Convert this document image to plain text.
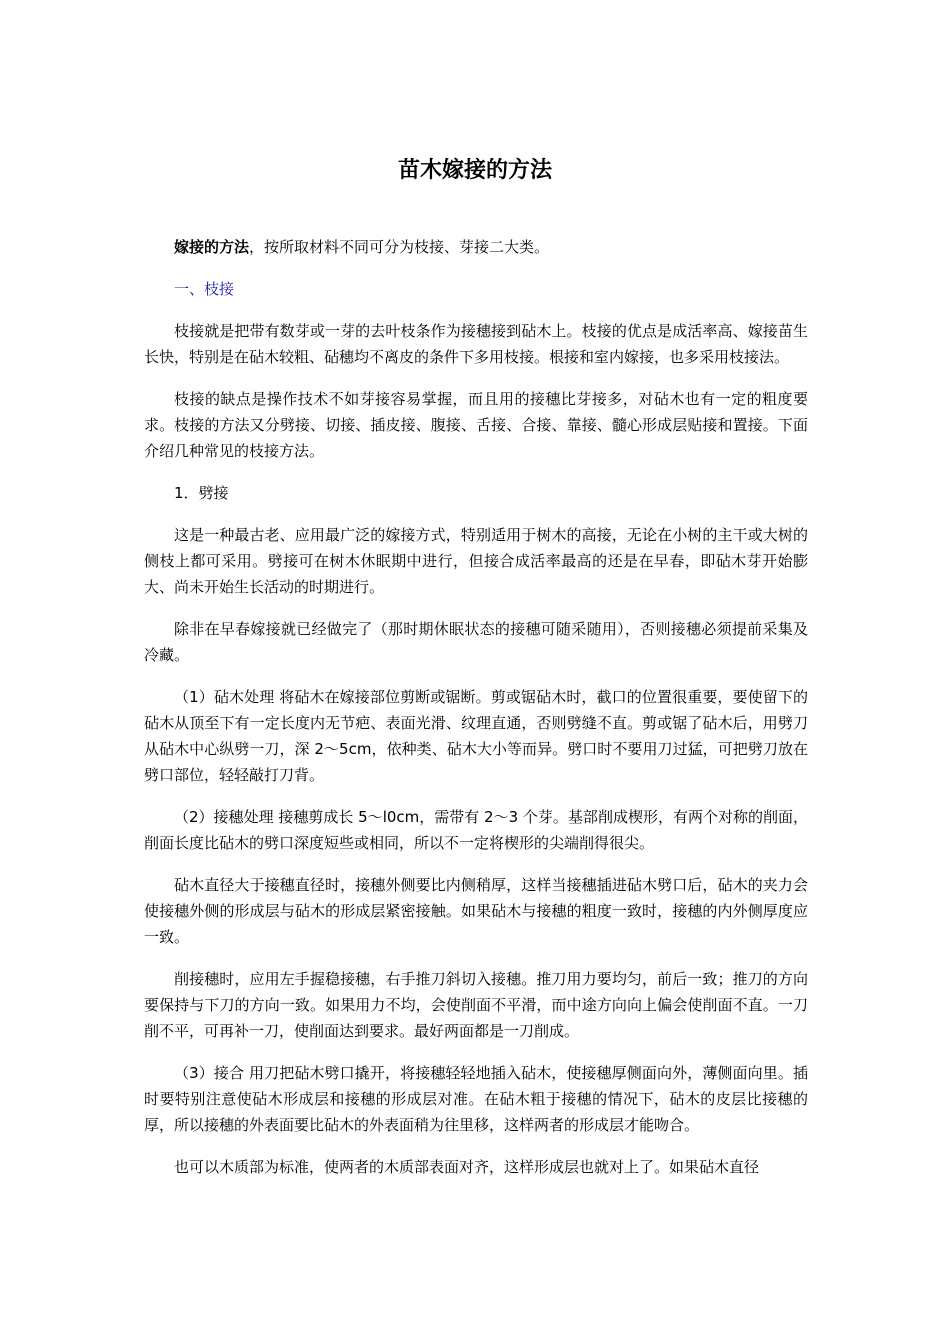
苗木嫁接的方法

嫁接的方法，按所取材料不同可分为枝接、芽接二大类。

一、枝接

枝接就是把带有数芽或一芽的去叶枝条作为接穗接到砧木上。枝接的优点是成活率高、嫁接苗生长快，特别是在砧木较粗、砧穗均不离皮的条件下多用枝接。根接和室内嫁接，也多采用枝接法。

枝接的缺点是操作技术不如芽接容易掌握，而且用的接穗比芽接多，对砧木也有一定的粗度要求。枝接的方法又分劈接、切接、插皮接、腹接、舌接、合接、靠接、髓心形成层贴接和置接。下面介绍几种常见的枝接方法。

1．劈接

这是一种最古老、应用最广泛的嫁接方式，特别适用于树木的高接，无论在小树的主干或大树的侧枝上都可采用。劈接可在树木休眠期中进行，但接合成活率最高的还是在早春，即砧木芽开始膨大、尚未开始生长活动的时期进行。

除非在早春嫁接就已经做完了（那时期休眠状态的接穗可随采随用），否则接穗必须提前采集及冷藏。

（1）砧木处理 将砧木在嫁接部位剪断或锯断。剪或锯砧木时，截口的位置很重要，要使留下的砧木从顶至下有一定长度内无节疤、表面光滑、纹理直通，否则劈缝不直。剪或锯了砧木后，用劈刀从砧木中心纵劈一刀，深 2～5cm，依种类、砧木大小等而异。劈口时不要用刀过猛，可把劈刀放在劈口部位，轻轻敲打刀背。

（2）接穗处理 接穗剪成长 5～l0cm，需带有 2～3 个芽。基部削成楔形，有两个对称的削面，削面长度比砧木的劈口深度短些或相同，所以不一定将楔形的尖端削得很尖。

砧木直径大于接穗直径时，接穗外侧要比内侧稍厚，这样当接穗插进砧木劈口后，砧木的夹力会使接穗外侧的形成层与砧木的形成层紧密接触。如果砧木与接穗的粗度一致时，接穗的内外侧厚度应一致。

削接穗时，应用左手握稳接穗，右手推刀斜切入接穗。推刀用力要均匀，前后一致；推刀的方向要保持与下刀的方向一致。如果用力不均，会使削面不平滑，而中途方向向上偏会使削面不直。一刀削不平，可再补一刀，使削面达到要求。最好两面都是一刀削成。

（3）接合 用刀把砧木劈口撬开，将接穗轻轻地插入砧木，使接穗厚侧面向外，薄侧面向里。插时要特别注意使砧木形成层和接穗的形成层对准。在砧木粗于接穗的情况下，砧木的皮层比接穗的厚，所以接穗的外表面要比砧木的外表面稍为往里移，这样两者的形成层才能吻合。

也可以木质部为标准，使两者的木质部表面对齐，这样形成层也就对上了。如果砧木直径
